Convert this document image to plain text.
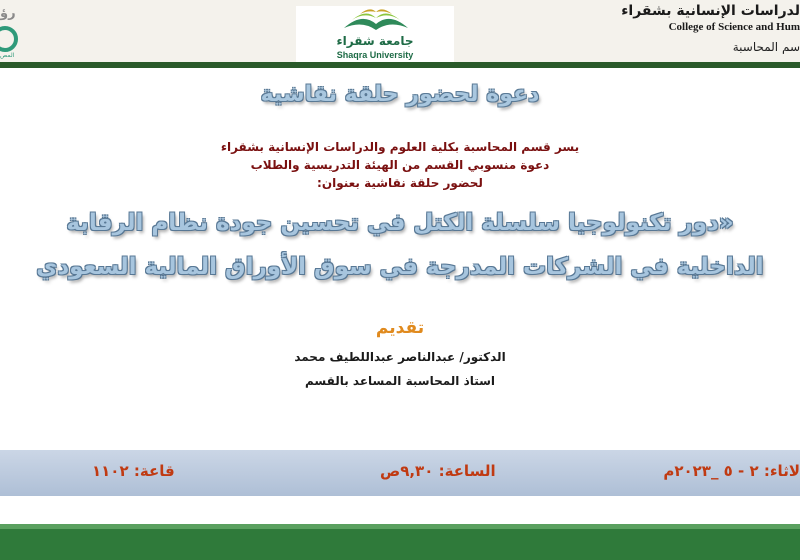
رؤ
المص
جامعة شقراء
Shaqra University
لدراسات الإنسانية بشقراء
College of Science and Hum
سم المحاسبة
دعوة لحضور حلقة نقاشية
يسر قسم المحاسبة بكلية العلوم والدراسات الإنسانية بشقراء
دعوة منسوبي القسم من الهيئة التدريسية والطلاب
لحضور حلقة نقاشية بعنوان:
«دور تكنولوجيا سلسلة الكتل في تحسين جودة نظام الرقابة
الداخلية في الشركات المدرجة في سوق الأوراق المالية السعودي
تقديم
الدكتور/ عبدالناصر عبداللطيف محمد
استاذ المحاسبة المساعد بالقسم
لاثاء: ٢ - ٥ _٢٠٢٣م
الساعة: ٩,٣٠ص
قاعة: ١١٠٢
